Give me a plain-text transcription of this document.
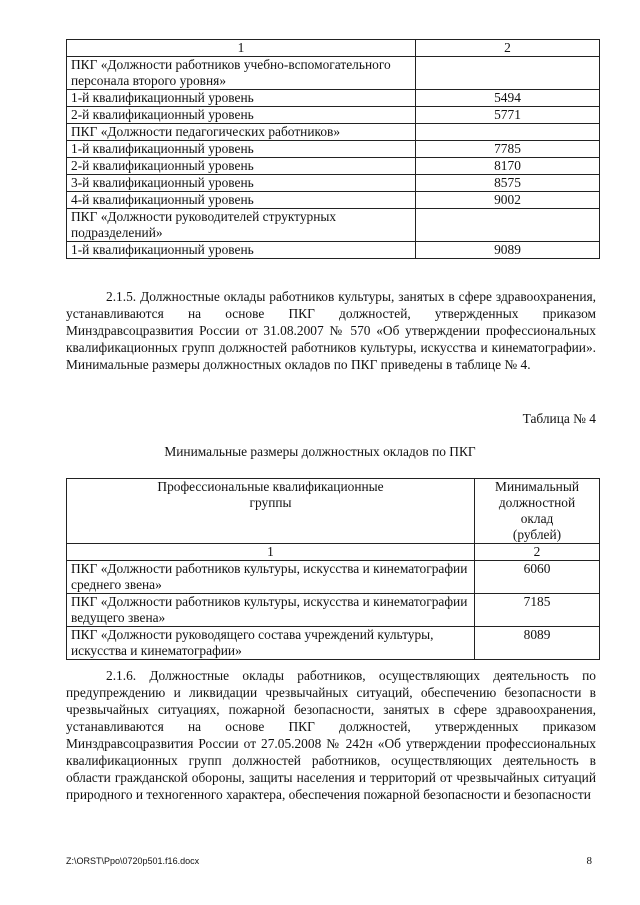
1	2
ПКГ «Должности работников учебно-вспомогательного персонала второго уровня»	
1-й квалификационный уровень	5494
2-й квалификационный уровень	5771
ПКГ «Должности педагогических работников»	
1-й квалификационный уровень	7785
2-й квалификационный уровень	8170
3-й квалификационный уровень	8575
4-й квалификационный уровень	9002
ПКГ «Должности руководителей структурных подразделений»	
1-й квалификационный уровень	9089

2.1.5. Должностные оклады работников культуры, занятых в сфере здравоохранения, устанавливаются на основе ПКГ должностей, утвержденных приказом Минздравсоцразвития России от 31.08.2007 № 570 «Об утверждении профессиональных квалификационных групп должностей работников культуры, искусства и кинематографии». Минимальные размеры должностных окладов по ПКГ приведены в таблице № 4.

Таблица № 4
Минимальные размеры должностных окладов по ПКГ
Профессиональные квалификационные группы	Минимальный должностной оклад (рублей)
1	2
ПКГ «Должности работников культуры, искусства и кинематографии среднего звена»	6060
ПКГ «Должности работников культуры, искусства и кинематографии ведущего звена»	7185
ПКГ «Должности руководящего состава учреждений культуры, искусства и кинематографии»	8089

2.1.6. Должностные оклады работников, осуществляющих деятельность по предупреждению и ликвидации чрезвычайных ситуаций, обеспечению безопасности в чрезвычайных ситуациях, пожарной безопасности, занятых в сфере здравоохранения, устанавливаются на основе ПКГ должностей, утвержденных приказом Минздравсоцразвития России от 27.05.2008 № 242н «Об утверждении профессиональных квалификационных групп должностей работников, осуществляющих деятельность в области гражданской обороны, защиты населения и территорий от чрезвычайных ситуаций природного и техногенного характера, обеспечения пожарной безопасности и безопасности

Z:\ORST\Ppo\0720p501.f16.docx	8
